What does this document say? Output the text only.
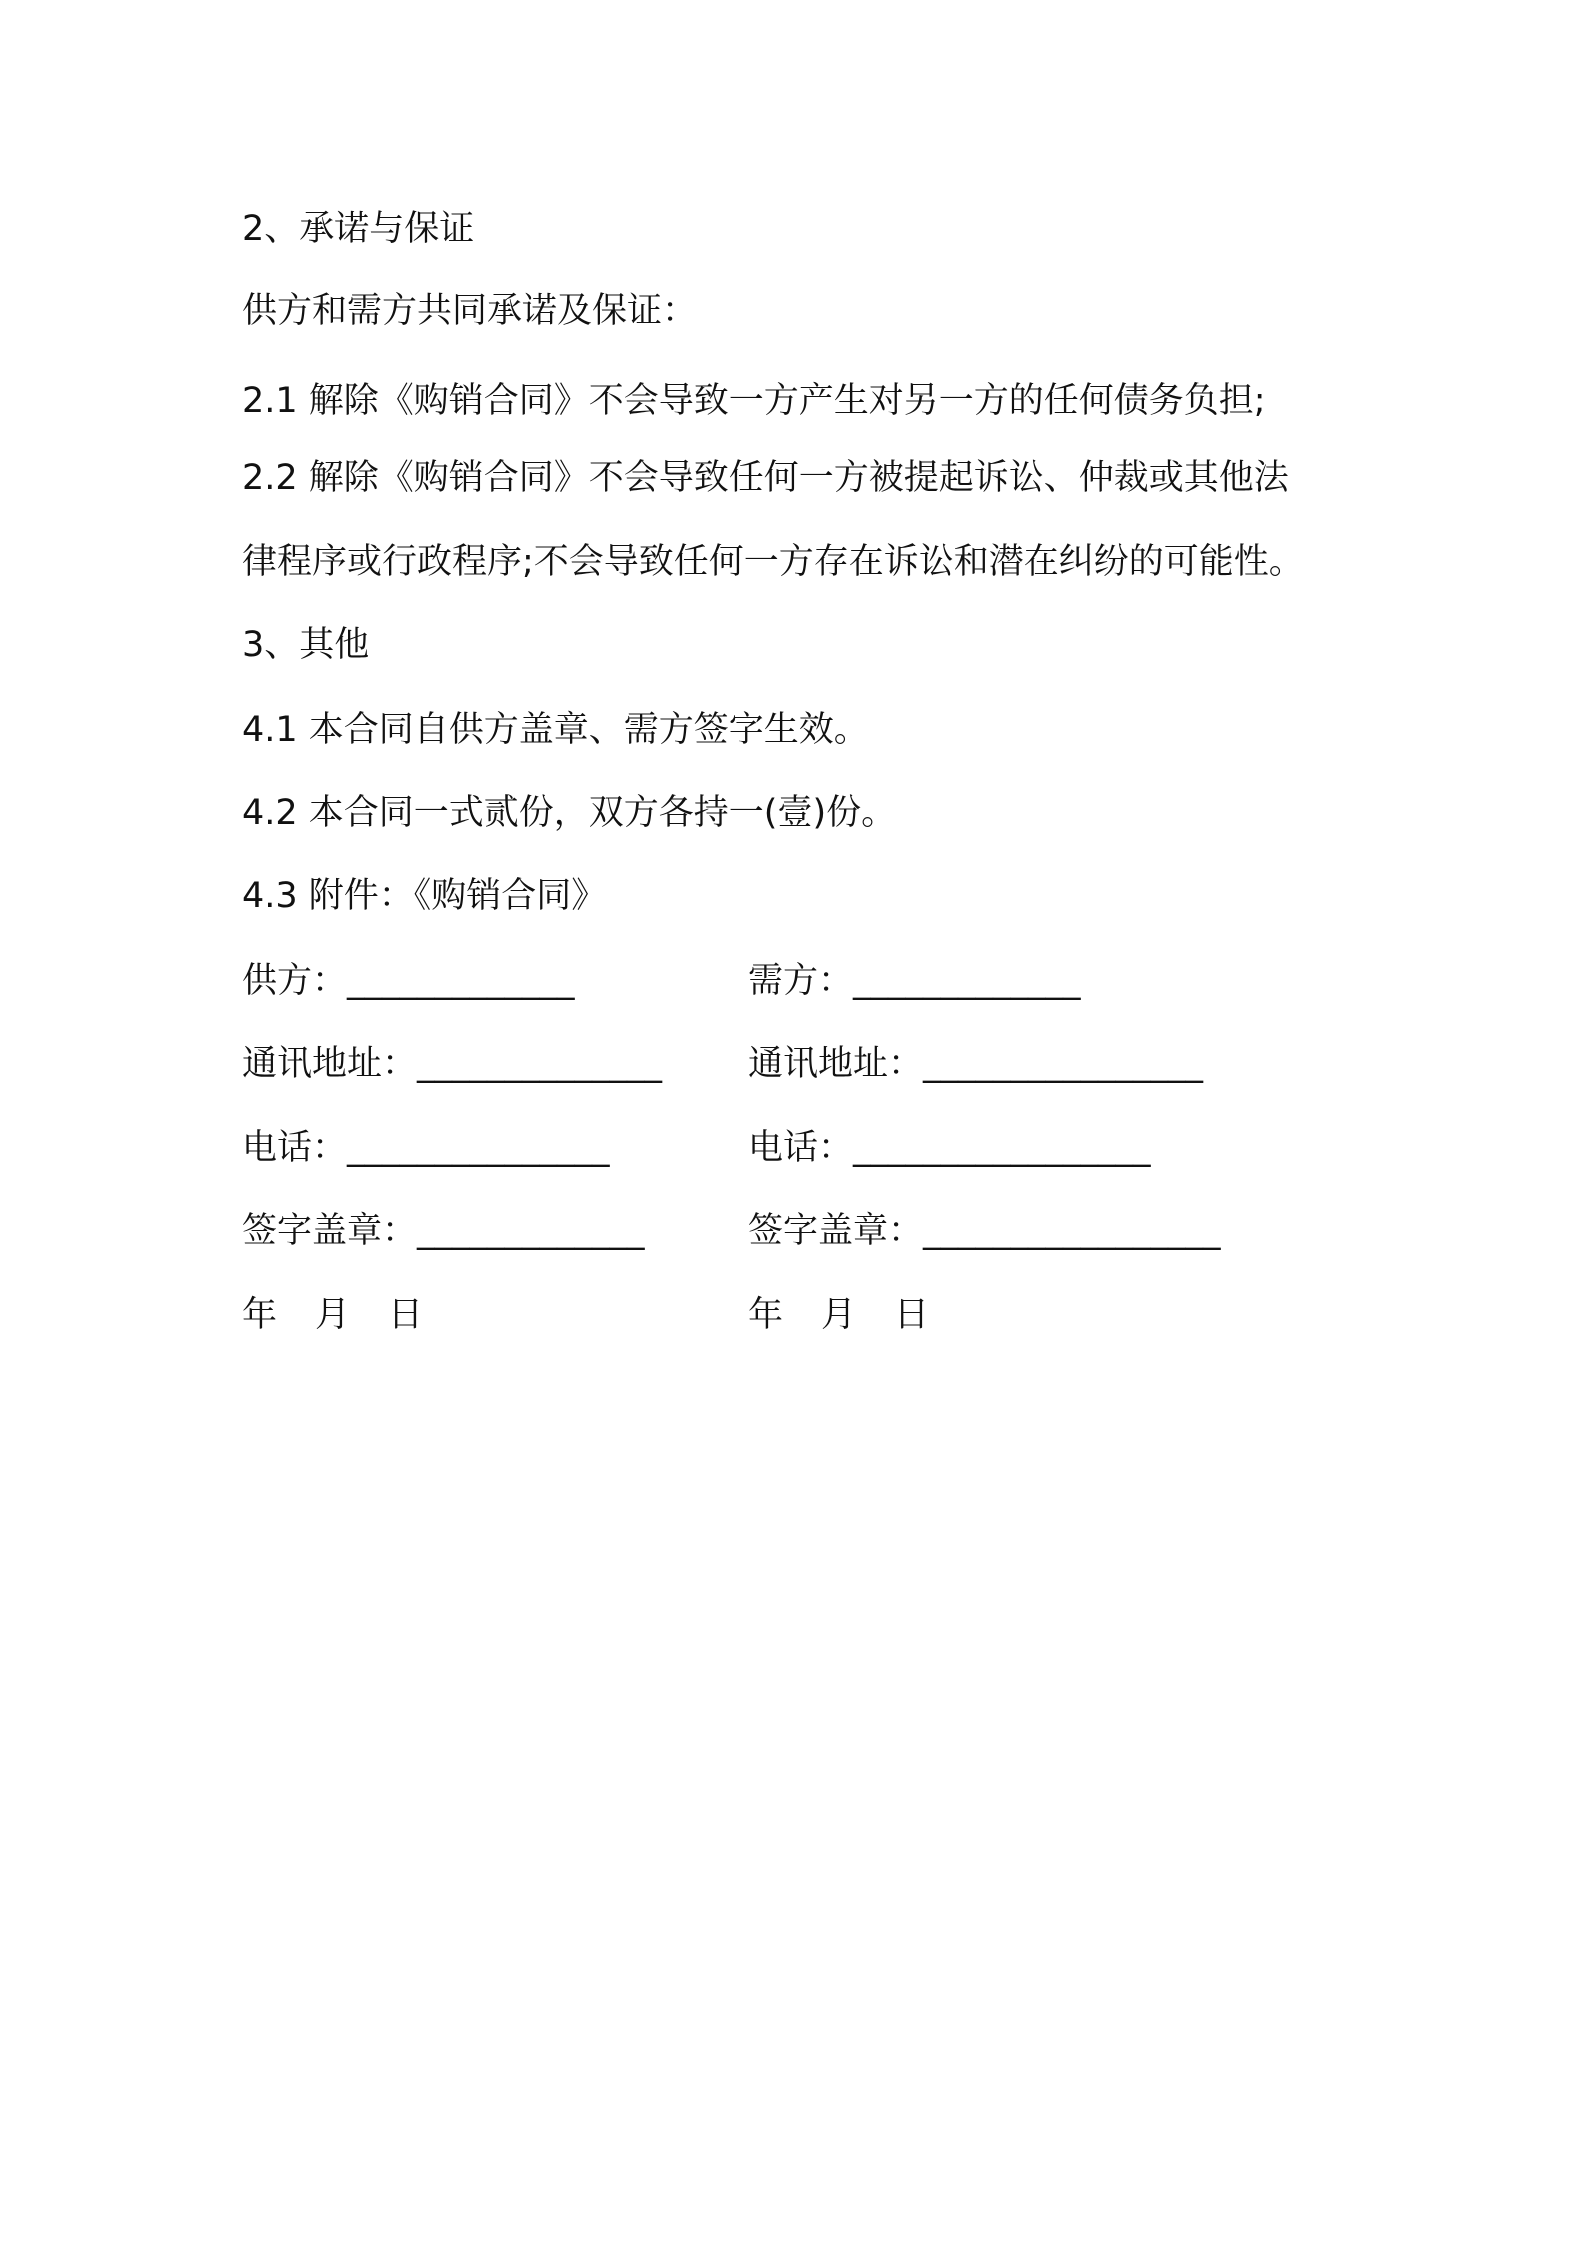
2、承诺与保证
供方和需方共同承诺及保证：
2.1 解除《购销合同》不会导致一方产生对另一方的任何债务负担;
2.2 解除《购销合同》不会导致任何一方被提起诉讼、仲裁或其他法
律程序或行政程序;不会导致任何一方存在诉讼和潜在纠纷的可能性。
3、其他
4.1 本合同自供方盖章、需方签字生效。
4.2 本合同一式贰份，双方各持一(壹)份。
4.3 附件：《购销合同》
供方：_____________	需方：_____________
通讯地址：______________ 通讯地址：________________
电话：_______________	电话：_________________
签字盖章：_____________	签字盖章：_________________
年 月 日	年 月 日
